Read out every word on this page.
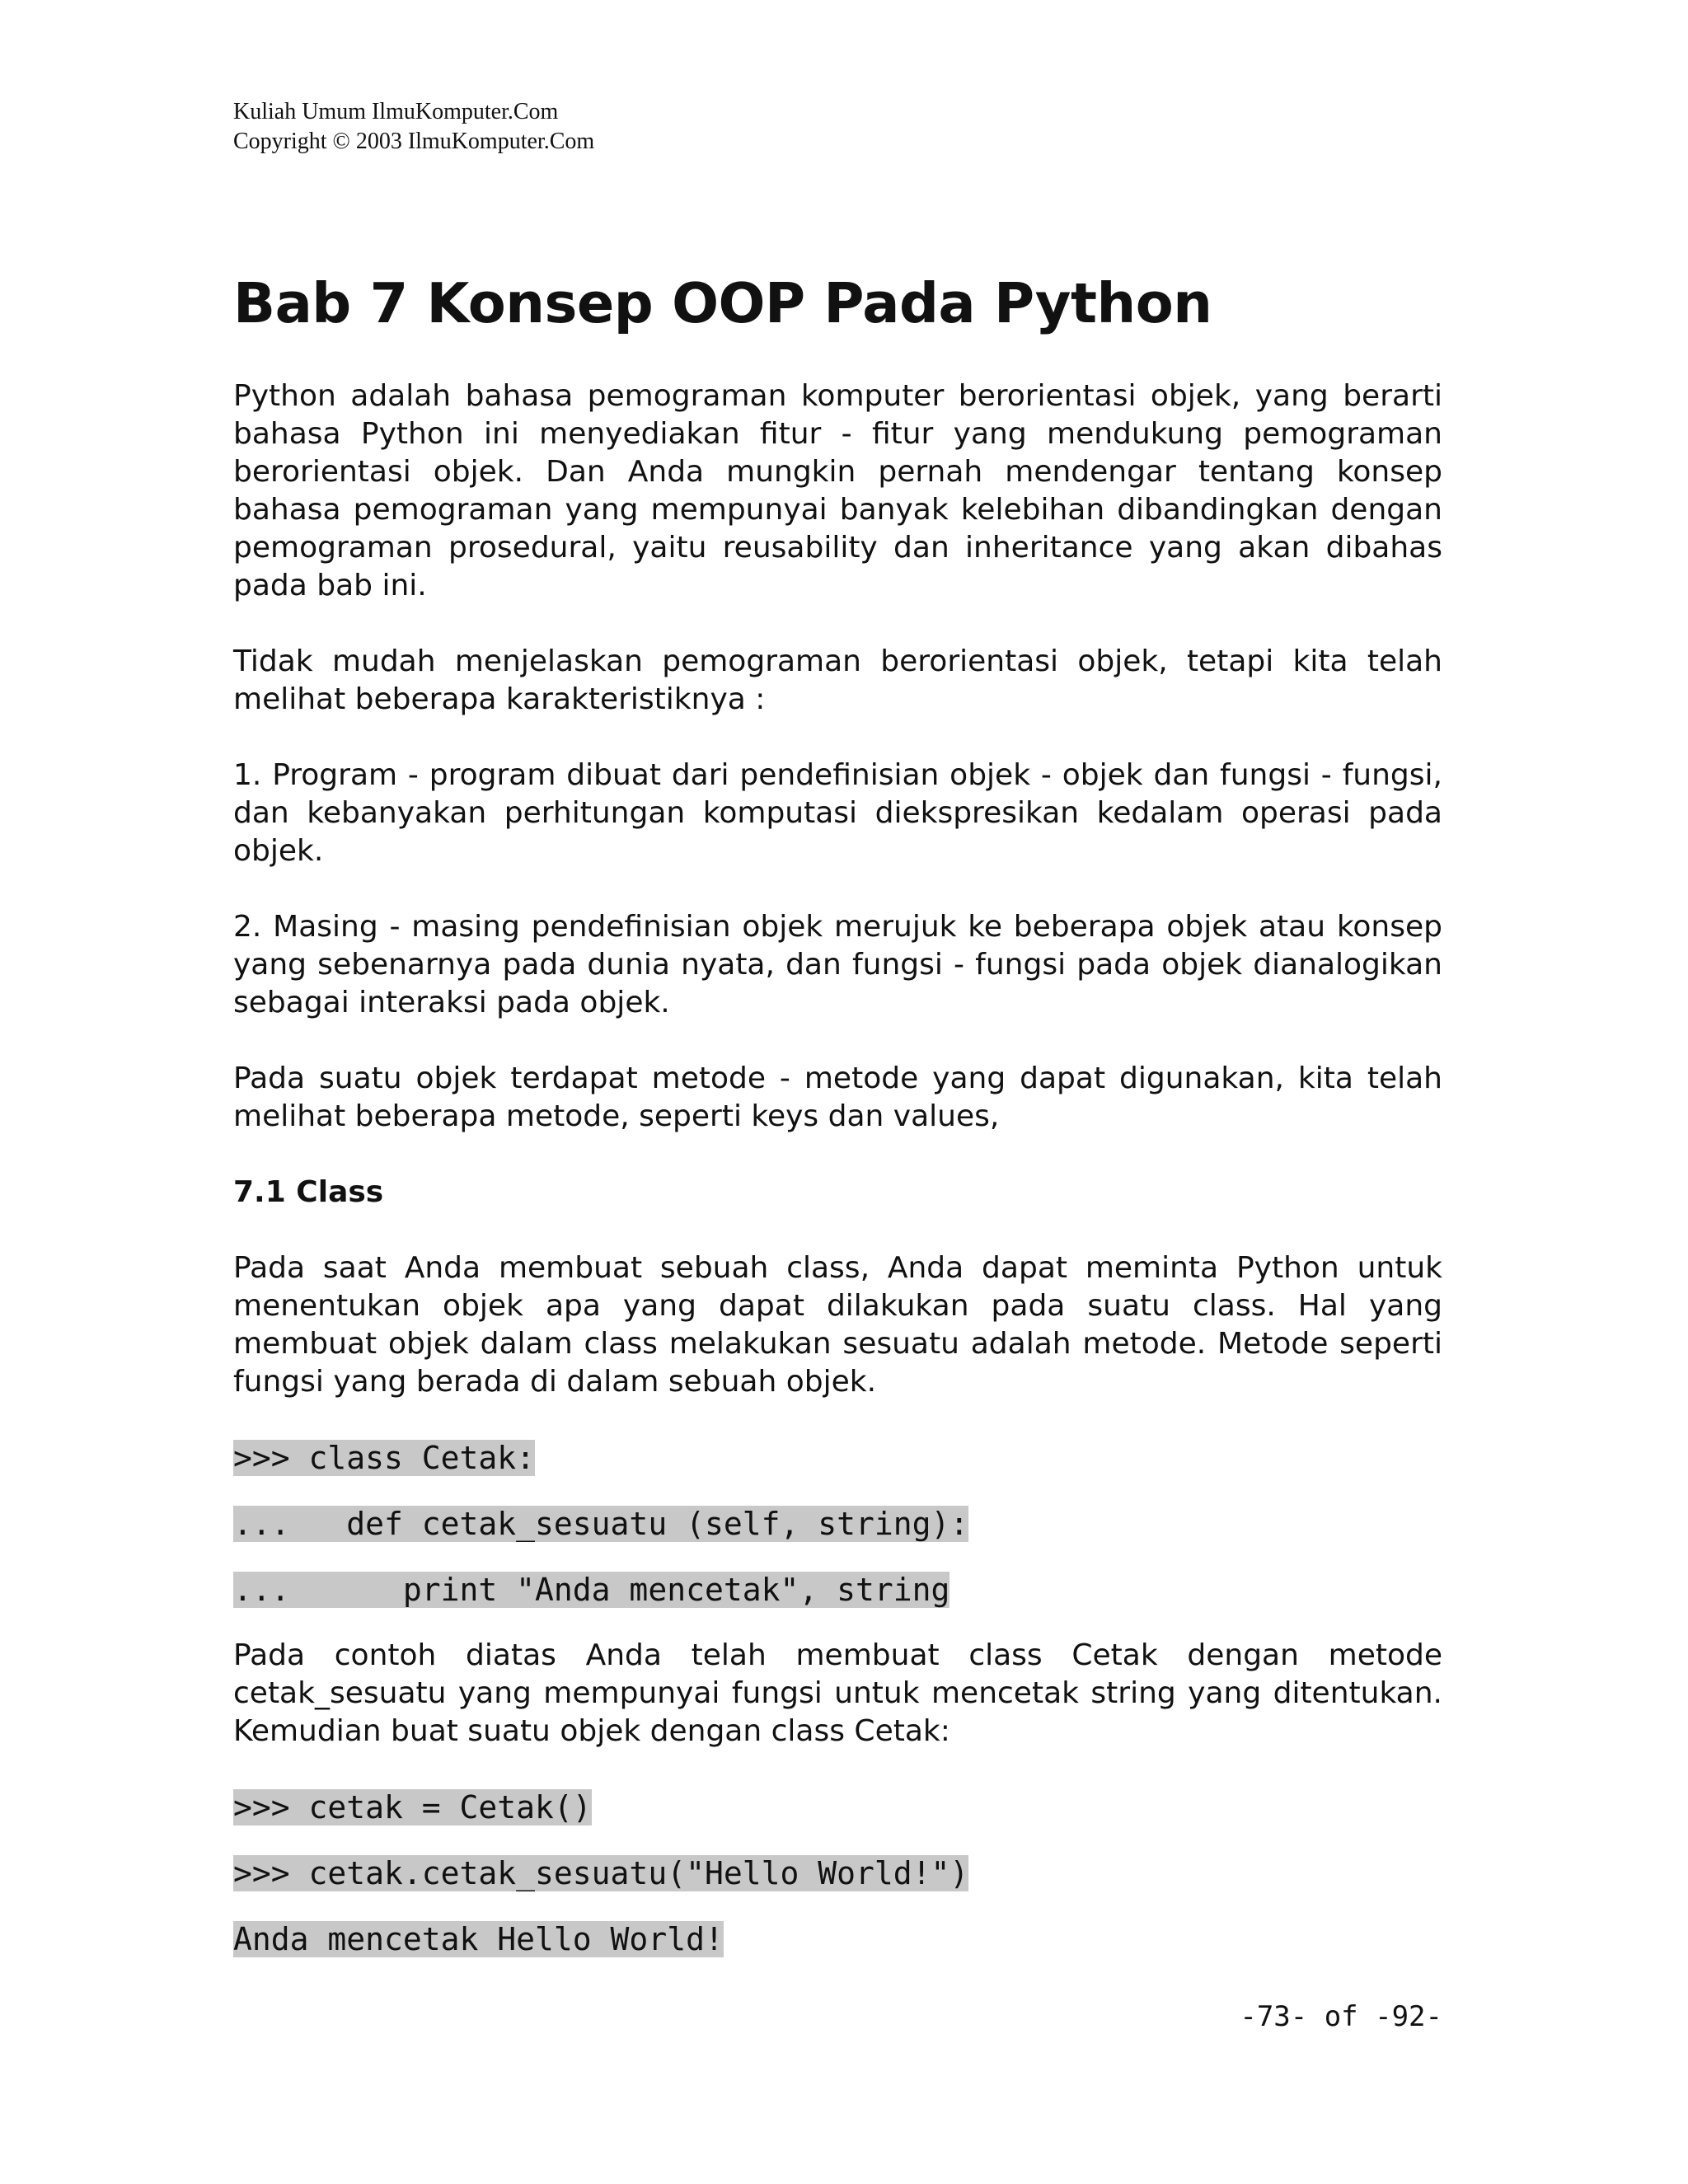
Kuliah Umum IlmuKomputer.Com
Copyright © 2003 IlmuKomputer.Com
Bab 7 Konsep OOP Pada Python

Python adalah bahasa pemograman komputer berorientasi objek, yang berarti bahasa Python ini menyediakan fitur - fitur yang mendukung pemograman berorientasi objek. Dan Anda mungkin pernah mendengar tentang konsep bahasa pemograman yang mempunyai banyak kelebihan dibandingkan dengan pemograman prosedural, yaitu reusability dan inheritance yang akan dibahas pada bab ini.

Tidak mudah menjelaskan pemograman berorientasi objek, tetapi kita telah melihat beberapa karakteristiknya :

1. Program - program dibuat dari pendefinisian objek - objek dan fungsi - fungsi, dan kebanyakan perhitungan komputasi diekspresikan kedalam operasi pada objek.

2. Masing - masing pendefinisian objek merujuk ke beberapa objek atau konsep yang sebenarnya pada dunia nyata, dan fungsi - fungsi pada objek dianalogikan sebagai interaksi pada objek.

Pada suatu objek terdapat metode - metode yang dapat digunakan, kita telah melihat beberapa metode, seperti keys dan values,

7.1 Class

Pada saat Anda membuat sebuah class, Anda dapat meminta Python untuk menentukan objek apa yang dapat dilakukan pada suatu class. Hal yang membuat objek dalam class melakukan sesuatu adalah metode. Metode seperti fungsi yang berada di dalam sebuah objek.

>>> class Cetak:
...   def cetak_sesuatu (self, string):
...      print "Anda mencetak", string

Pada contoh diatas Anda telah membuat class Cetak dengan metode cetak_sesuatu yang mempunyai fungsi untuk mencetak string yang ditentukan. Kemudian buat suatu objek dengan class Cetak:

>>> cetak = Cetak()
>>> cetak.cetak_sesuatu("Hello World!")
Anda mencetak Hello World!
-73- of -92-
